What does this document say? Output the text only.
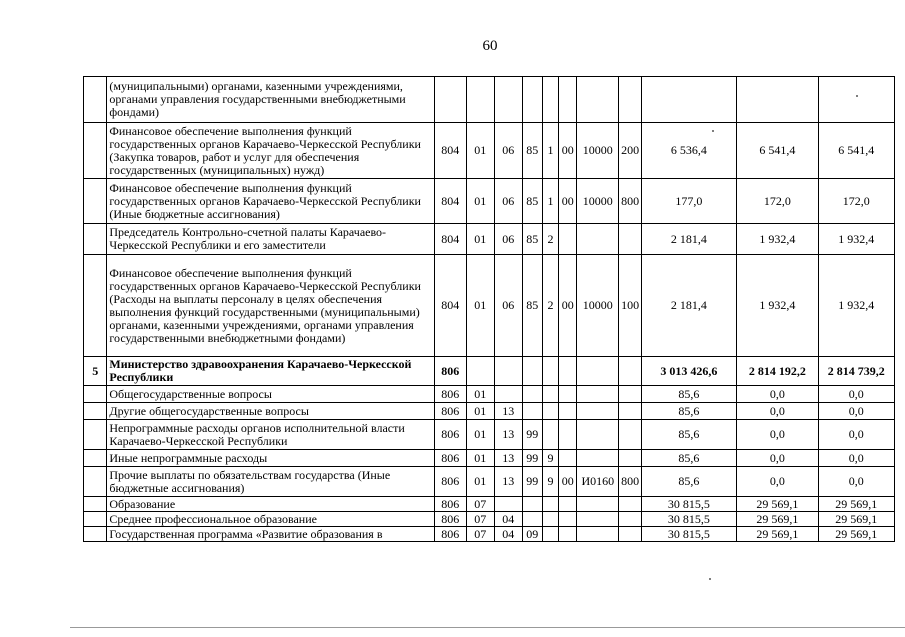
60
	(муниципальными) органами, казенными учреждениями, органами управления государственными внебюджетными фондами)											
	Финансовое обеспечение выполнения функций государственных органов Карачаево-Черкесской Республики (Закупка товаров, работ и услуг для обеспечения государственных (муниципальных) нужд)	804	01	06	85	1	00	10000	200	6 536,4	6 541,4	6 541,4
	Финансовое обеспечение выполнения функций государственных органов Карачаево-Черкесской Республики (Иные бюджетные ассигнования)	804	01	06	85	1	00	10000	800	177,0	172,0	172,0
	Председатель Контрольно-счетной палаты Карачаево-Черкесской Республики и его заместители	804	01	06	85	2				2 181,4	1 932,4	1 932,4
	Финансовое обеспечение выполнения функций государственных органов Карачаево-Черкесской Республики (Расходы на выплаты персоналу в целях обеспечения выполнения функций государственными (муниципальными) органами, казенными учреждениями, органами управления государственными внебюджетными фондами)	804	01	06	85	2	00	10000	100	2 181,4	1 932,4	1 932,4
5	Министерство здравоохранения Карачаево-Черкесской Республики	806								3 013 426,6	2 814 192,2	2 814 739,2
	Общегосударственные вопросы	806	01							85,6	0,0	0,0
	Другие общегосударственные вопросы	806	01	13						85,6	0,0	0,0
	Непрограммные расходы органов исполнительной власти Карачаево-Черкесской Республики	806	01	13	99					85,6	0,0	0,0
	Иные непрограммные расходы	806	01	13	99	9				85,6	0,0	0,0
	Прочие выплаты по обязательствам государства (Иные бюджетные ассигнования)	806	01	13	99	9	00	И0160	800	85,6	0,0	0,0
	Образование	806	07							30 815,5	29 569,1	29 569,1
	Среднее профессиональное образование	806	07	04						30 815,5	29 569,1	29 569,1
	Государственная программа «Развитие образования в	806	07	04	09					30 815,5	29 569,1	29 569,1
